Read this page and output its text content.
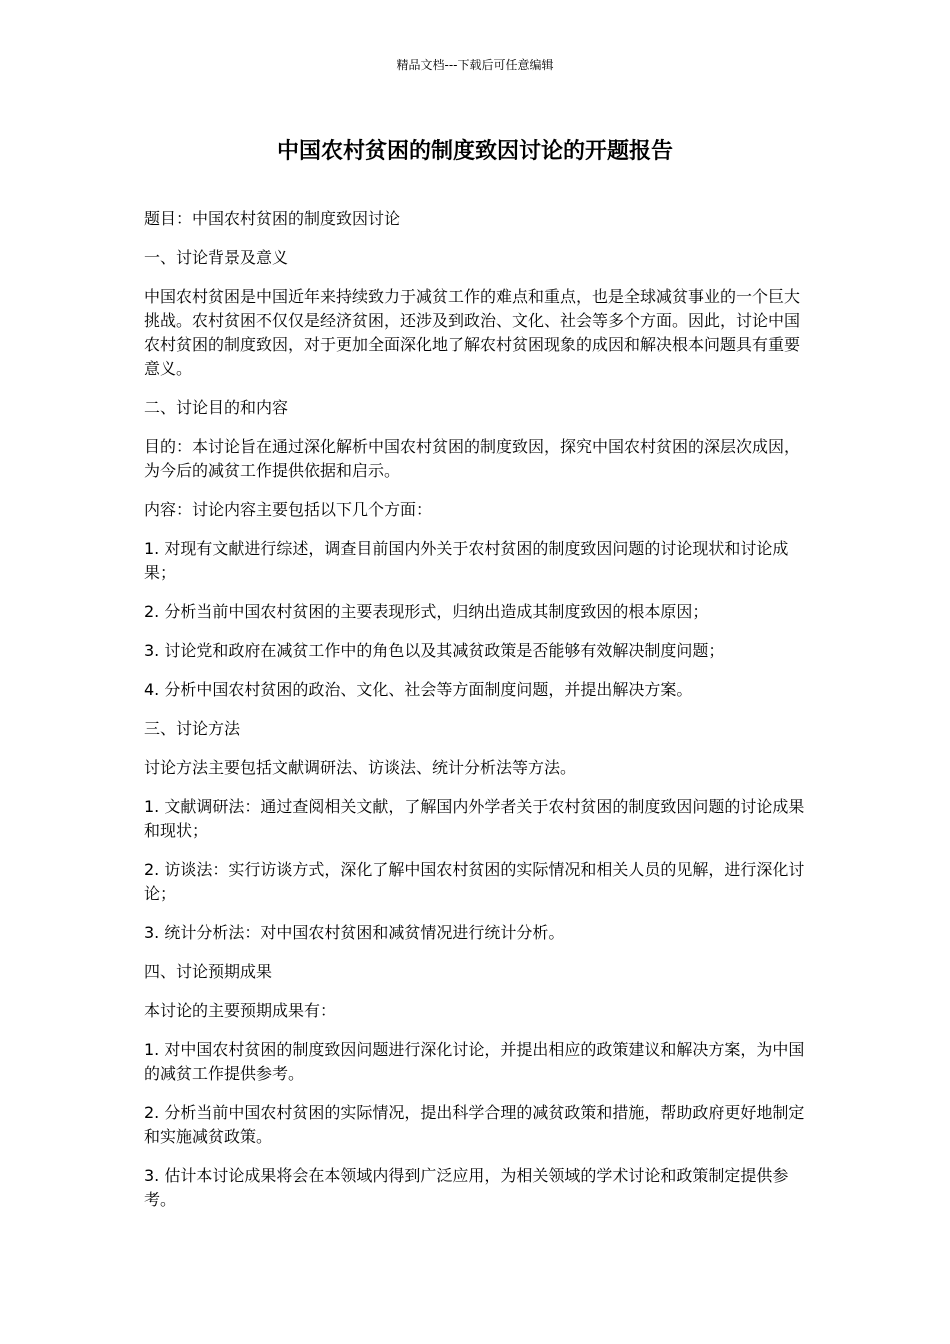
精品文档---下载后可任意编辑
中国农村贫困的制度致因讨论的开题报告

题目：中国农村贫困的制度致因讨论

一、讨论背景及意义

中国农村贫困是中国近年来持续致力于减贫工作的难点和重点，也是全球减贫事业的一个巨大挑战。农村贫困不仅仅是经济贫困，还涉及到政治、文化、社会等多个方面。因此，讨论中国农村贫困的制度致因，对于更加全面深化地了解农村贫困现象的成因和解决根本问题具有重要意义。

二、讨论目的和内容

目的：本讨论旨在通过深化解析中国农村贫困的制度致因，探究中国农村贫困的深层次成因，为今后的减贫工作提供依据和启示。

内容：讨论内容主要包括以下几个方面：

1. 对现有文献进行综述，调查目前国内外关于农村贫困的制度致因问题的讨论现状和讨论成果；

2. 分析当前中国农村贫困的主要表现形式，归纳出造成其制度致因的根本原因；

3. 讨论党和政府在减贫工作中的角色以及其减贫政策是否能够有效解决制度问题；

4. 分析中国农村贫困的政治、文化、社会等方面制度问题，并提出解决方案。

三、讨论方法

讨论方法主要包括文献调研法、访谈法、统计分析法等方法。

1. 文献调研法：通过查阅相关文献，了解国内外学者关于农村贫困的制度致因问题的讨论成果和现状；

2. 访谈法：实行访谈方式，深化了解中国农村贫困的实际情况和相关人员的见解，进行深化讨论；

3. 统计分析法：对中国农村贫困和减贫情况进行统计分析。

四、讨论预期成果

本讨论的主要预期成果有：

1. 对中国农村贫困的制度致因问题进行深化讨论，并提出相应的政策建议和解决方案，为中国的减贫工作提供参考。

2. 分析当前中国农村贫困的实际情况，提出科学合理的减贫政策和措施，帮助政府更好地制定和实施减贫政策。

3. 估计本讨论成果将会在本领域内得到广泛应用，为相关领域的学术讨论和政策制定提供参考。
